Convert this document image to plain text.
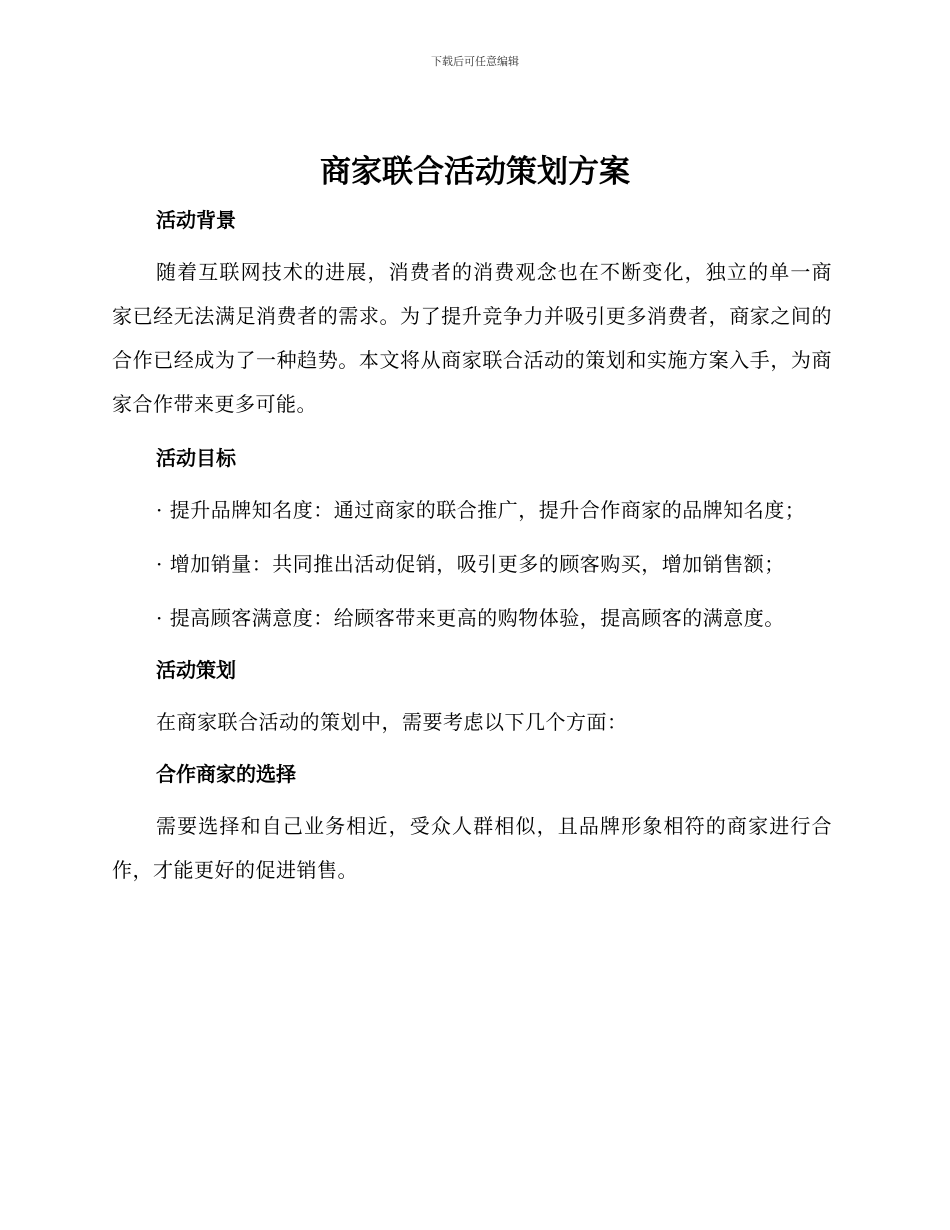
下载后可任意编辑
商家联合活动策划方案
活动背景

随着互联网技术的进展，消费者的消费观念也在不断变化，独立的单一商家已经无法满足消费者的需求。为了提升竞争力并吸引更多消费者，商家之间的合作已经成为了一种趋势。本文将从商家联合活动的策划和实施方案入手，为商家合作带来更多可能。

活动目标

· 提升品牌知名度：通过商家的联合推广，提升合作商家的品牌知名度；

· 增加销量：共同推出活动促销，吸引更多的顾客购买，增加销售额；

· 提高顾客满意度：给顾客带来更高的购物体验，提高顾客的满意度。

活动策划

在商家联合活动的策划中，需要考虑以下几个方面：

合作商家的选择

需要选择和自己业务相近，受众人群相似，且品牌形象相符的商家进行合作，才能更好的促进销售。
